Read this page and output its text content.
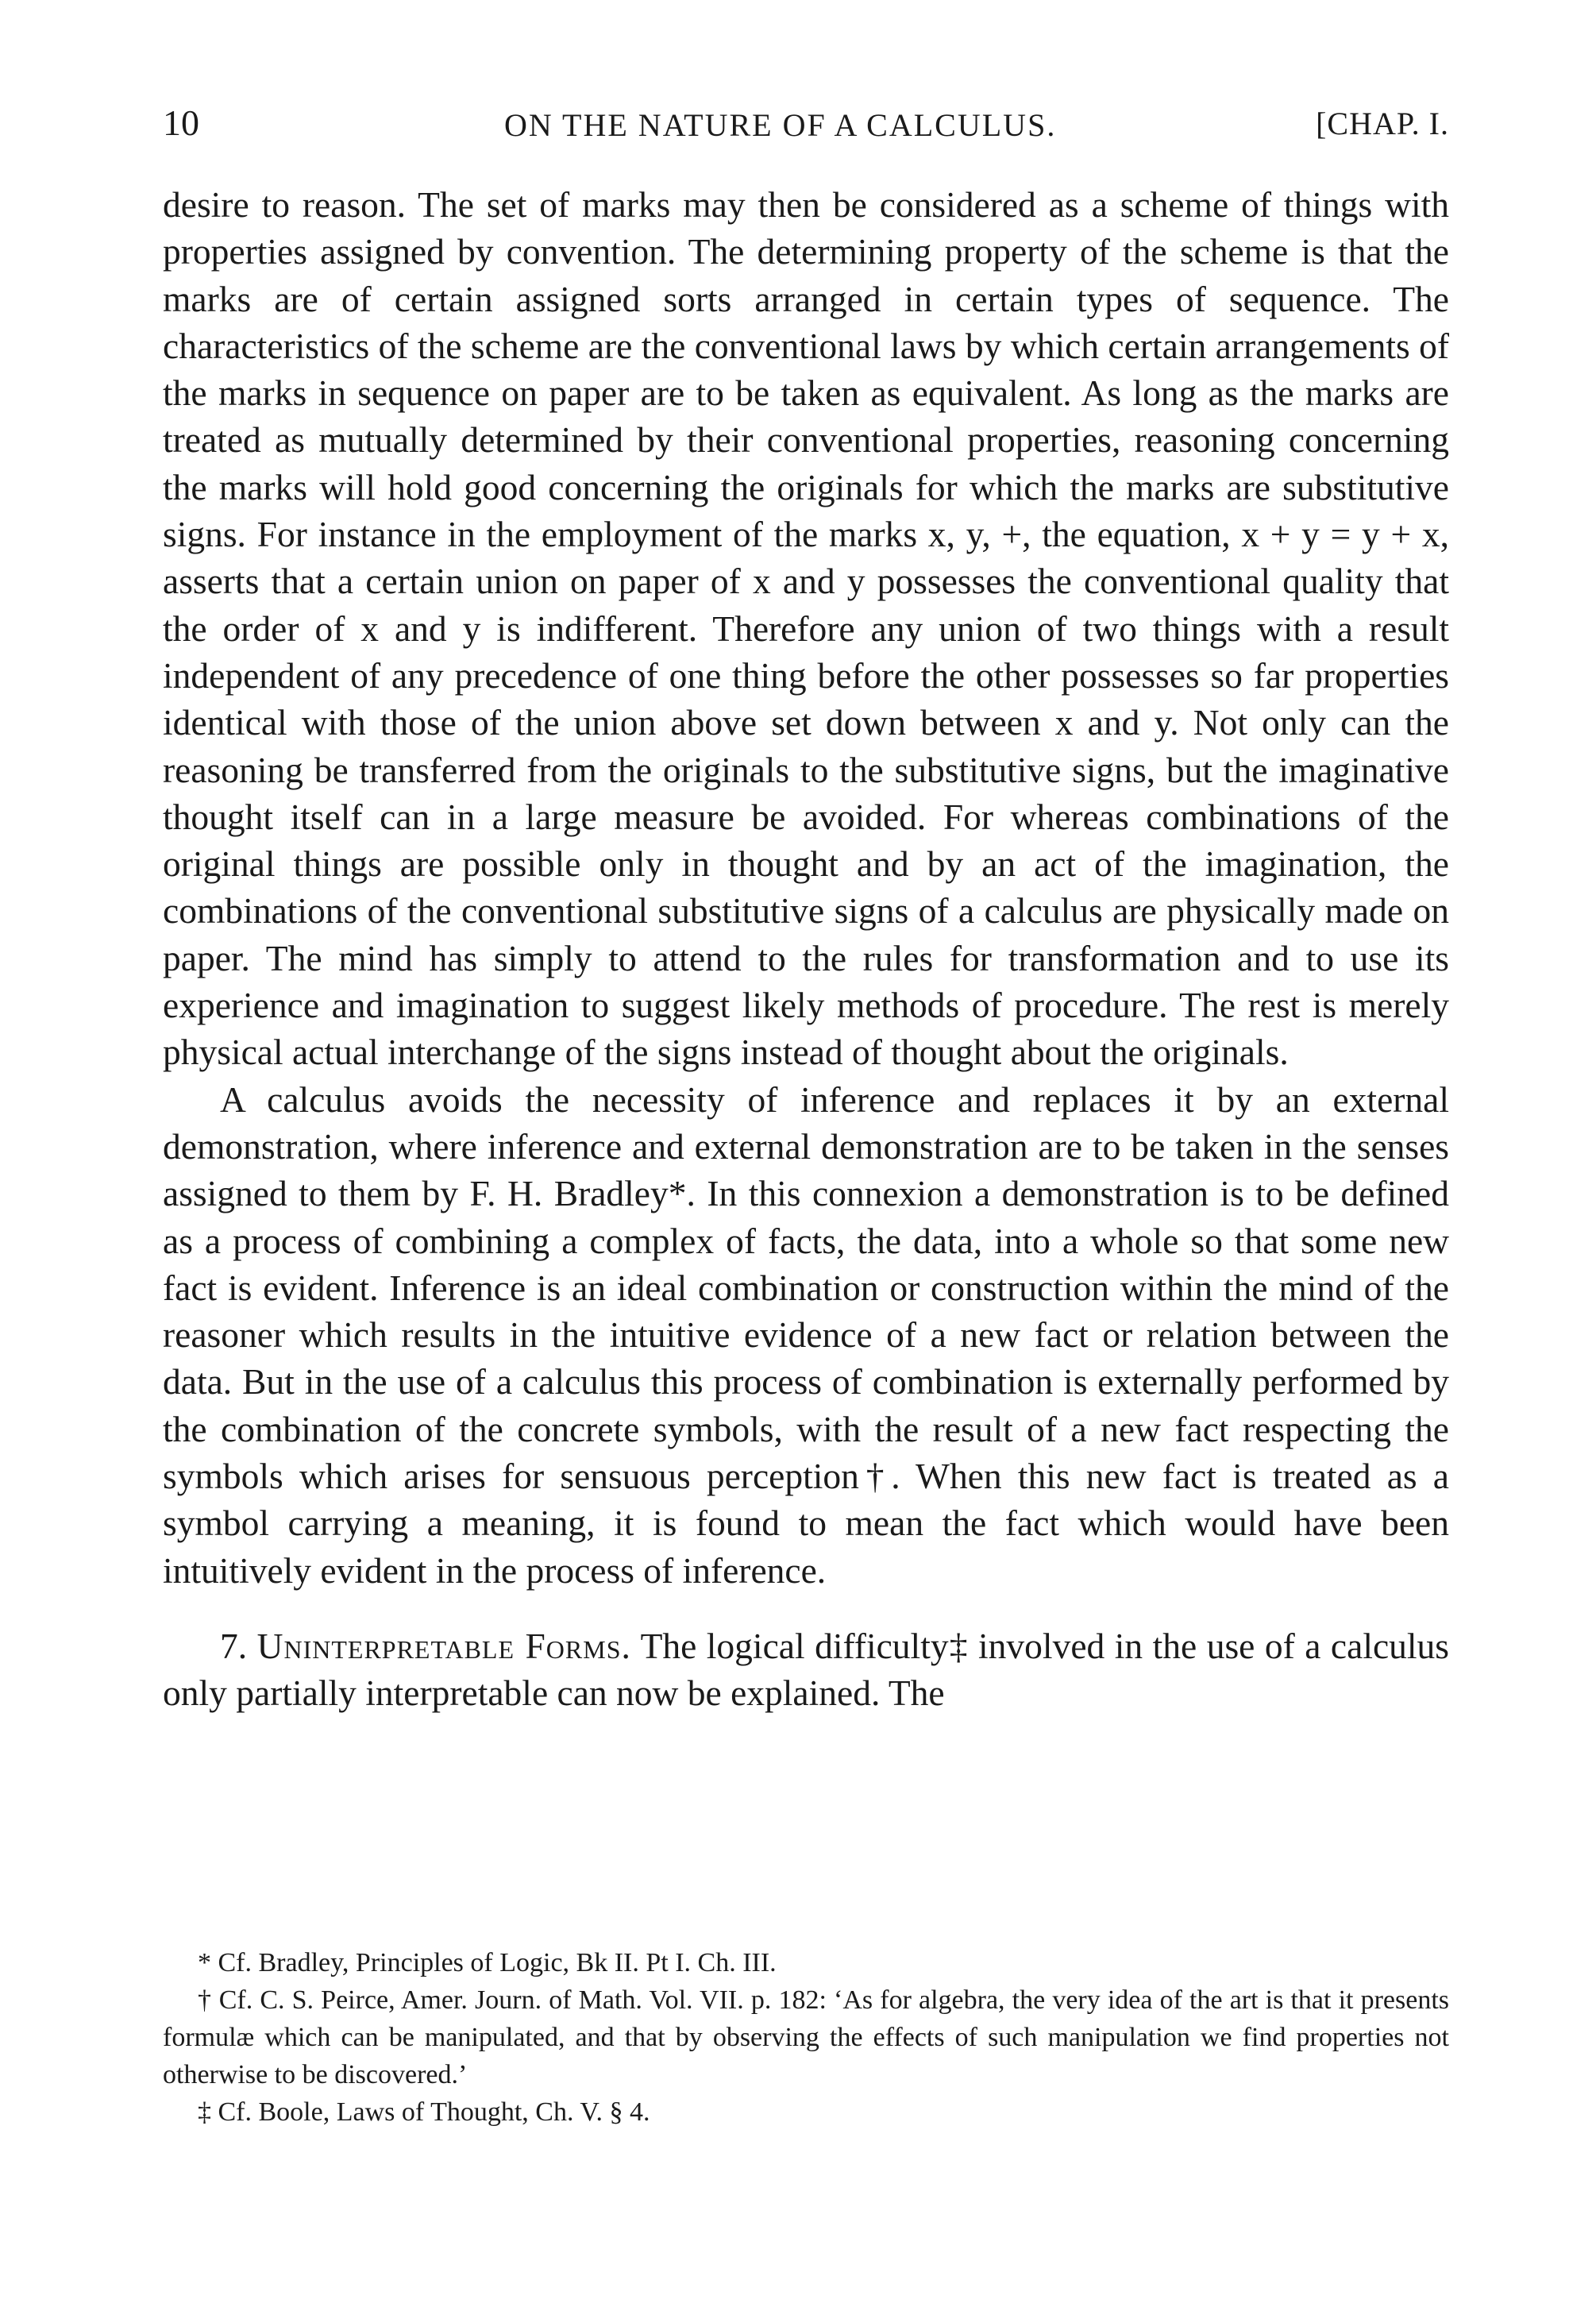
10	ON THE NATURE OF A CALCULUS.	[CHAP. I.

desire to reason. The set of marks may then be considered as a scheme of things with properties assigned by convention. The determining property of the scheme is that the marks are of certain assigned sorts arranged in certain types of sequence. The characteristics of the scheme are the conventional laws by which certain arrangements of the marks in sequence on paper are to be taken as equivalent. As long as the marks are treated as mutually determined by their conventional properties, reasoning concerning the marks will hold good concerning the originals for which the marks are substitutive signs. For instance in the employment of the marks x, y, +, the equation, x + y = y + x, asserts that a certain union on paper of x and y possesses the conventional quality that the order of x and y is indifferent. Therefore any union of two things with a result independent of any precedence of one thing before the other possesses so far properties identical with those of the union above set down between x and y. Not only can the reasoning be transferred from the originals to the substitutive signs, but the imaginative thought itself can in a large measure be avoided. For whereas combinations of the original things are possible only in thought and by an act of the imagination, the combinations of the conventional substitutive signs of a calculus are physically made on paper. The mind has simply to attend to the rules for transformation and to use its experience and imagination to suggest likely methods of procedure. The rest is merely physical actual interchange of the signs instead of thought about the originals.

A calculus avoids the necessity of inference and replaces it by an external demonstration, where inference and external demonstration are to be taken in the senses assigned to them by F. H. Bradley*. In this connexion a demonstration is to be defined as a process of combining a complex of facts, the data, into a whole so that some new fact is evident. Inference is an ideal combination or construction within the mind of the reasoner which results in the intuitive evidence of a new fact or relation between the data. But in the use of a calculus this process of combination is externally performed by the combination of the concrete symbols, with the result of a new fact respecting the symbols which arises for sensuous perception†. When this new fact is treated as a symbol carrying a meaning, it is found to mean the fact which would have been intuitively evident in the process of inference.

7. Uninterpretable Forms. The logical difficulty‡ involved in the use of a calculus only partially interpretable can now be explained. The

* Cf. Bradley, Principles of Logic, Bk II. Pt I. Ch. III.

† Cf. C. S. Peirce, Amer. Journ. of Math. Vol. VII. p. 182: ‘As for algebra, the very idea of the art is that it presents formulæ which can be manipulated, and that by observing the effects of such manipulation we find properties not otherwise to be discovered.’

‡ Cf. Boole, Laws of Thought, Ch. V. § 4.
